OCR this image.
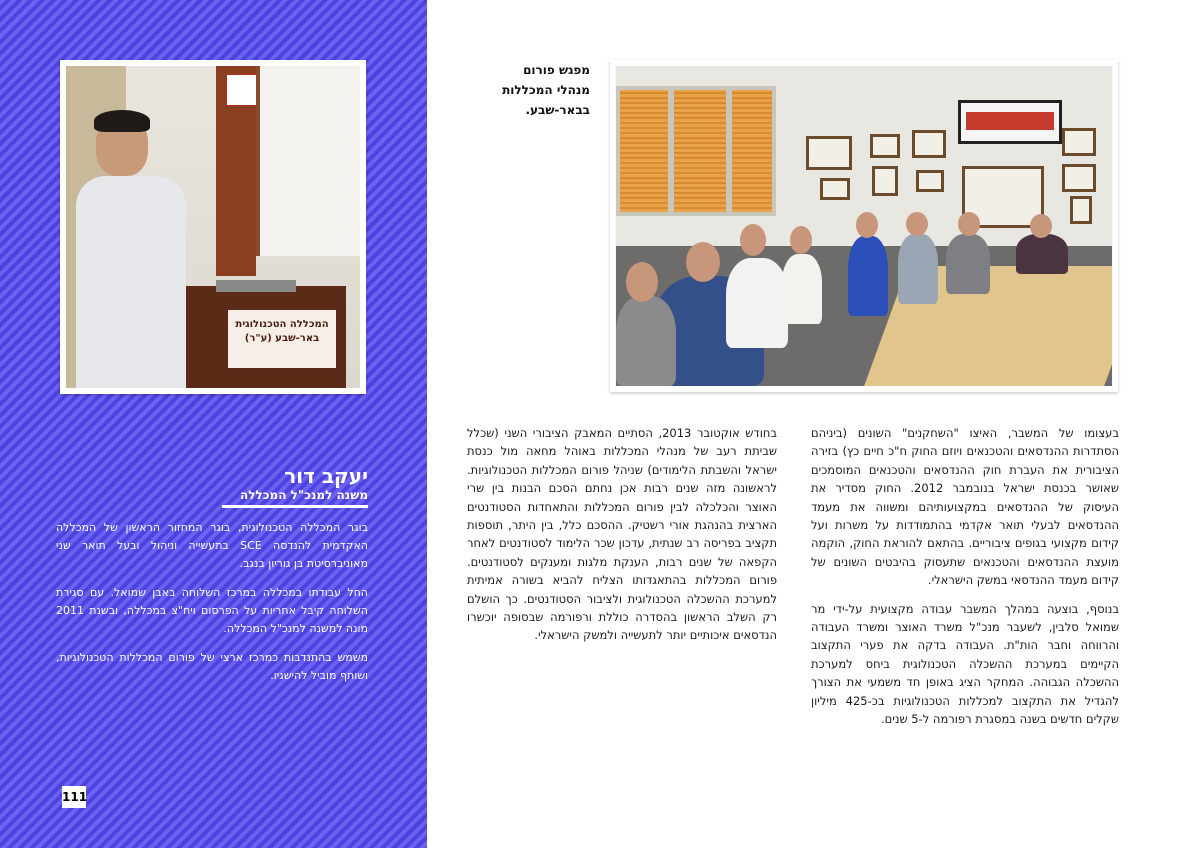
המכללה הטכנולוגית באר-שבע (ע"ר)
יעקב דור
משנה למנכ"ל המכללה

בוגר המכללה הטכנולוגית, בוגר המחזור הראשון של המכללה האקדמית להנדסה SCE בתעשייה וניהול ובעל תואר שני מאוניברסיטת בן גוריון בנגב.

החל עבודתו במכללה במרכז השלוחה באבן שמואל. עם סגירת השלוחה קיבל אחריות על הפרסום ויח"צ במכללה, ובשנת 2011 מונה למשנה למנכ"ל המכללה.

משמש בהתנדבות כמרכז ארצי של פורום המכללות הטכנולוגיות, ושותף מוביל להישגיו.

111
מפגש פורום
מנהלי המכללות
בבאר-שבע.

בעצומו של המשבר, האיצו "השחקנים" השונים (ביניהם הסתדרות ההנדסאים והטכנאים ויוזם החוק ח"כ חיים כץ) בזירה הציבורית את העברת חוק ההנדסאים והטכנאים המוסמכים שאושר בכנסת ישראל בנובמבר 2012. החוק מסדיר את העיסוק של ההנדסאים במקצועותיהם ומשווה את מעמד ההנדסאים לבעלי תואר אקדמי בהתמודדות על משרות ועל קידום מקצועי בגופים ציבוריים. בהתאם להוראת החוק, הוקמה מועצת ההנדסאים והטכנאים שתעסוק בהיבטים השונים של קידום מעמד ההנדסאי במשק הישראלי.

בנוסף, בוצעה במהלך המשבר עבודה מקצועית על-ידי מר שמואל סלבין, לשעבר מנכ"ל משרד האוצר ומשרד העבודה והרווחה וחבר הות"ת. העבודה בדקה את פערי התקצוב הקיימים במערכת ההשכלה הטכנולוגית ביחס למערכת ההשכלה הגבוהה. המחקר הציג באופן חד משמעי את הצורך להגדיל את התקצוב למכללות הטכנולוגיות בכ-425 מיליון שקלים חדשים בשנה במסגרת רפורמה ל-5 שנים.

בחודש אוקטובר 2013, הסתיים המאבק הציבורי השני (שכלל שביתת רעב של מנהלי המכללות באוהל מחאה מול כנסת ישראל והשבתת הלימודים) שניהל פורום המכללות הטכנולוגיות. לראשונה מזה שנים רבות אכן נחתם הסכם הבנות בין שרי האוצר והכלכלה לבין פורום המכללות והתאחדות הסטודנטים הארצית בהנהגת אורי רשטיק. ההסכם כלל, בין היתר, תוספות תקציב בפריסה רב שנתית, עדכון שכר הלימוד לסטודנטים לאחר הקפאה של שנים רבות, הענקת מלגות ומענקים לסטודנטים. פורום המכללות בהתאגדותו הצליח להביא בשורה אמיתית למערכת ההשכלה הטכנולוגית ולציבור הסטודנטים. כך הושלם רק השלב הראשון בהסדרה כוללת ורפורמה שבסופה יוכשרו הנדסאים איכותיים יותר לתעשייה ולמשק הישראלי.
